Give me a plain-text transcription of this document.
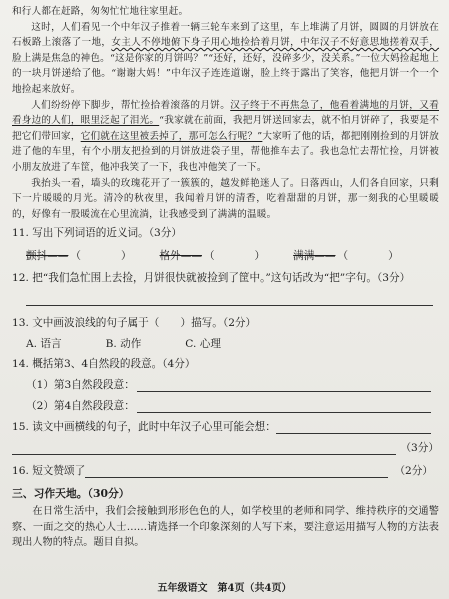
和行人都在赶路，匆匆忙忙地往家里赶。

这时，人们看见一个中年汉子推着一辆三轮车来到了这里，车上堆满了月饼，圆圆的月饼放在石板路上滚落了一地，女主人不停地俯下身子用心地捡拾着月饼，中年汉子不好意思地搓着双手，脸上满是焦急的神色。“这是你家的月饼吗？”“还好，还好，没碎多少，没关系。”一位大妈捡起地上的一块月饼递给了他。“谢谢大妈！”中年汉子连连道谢，脸上终于露出了笑容，他把月饼一个一个地捡起来放好。

人们纷纷停下脚步，帮忙捡拾着滚落的月饼。汉子终于不再焦急了，他看着满地的月饼，又看看身边的人们，眼里泛起了泪光。“我家就在前面，我把月饼送回家去，就不怕月饼碎了，我要是不把它们带回家，它们就在这里被丢掉了，那可怎么行呢？”大家听了他的话，都把刚刚捡到的月饼放进了他的车里，有个小朋友把捡到的月饼放进袋子里，帮他推车去了。我也急忙去帮忙捡，月饼被小朋友放进了车筐，他冲我笑了一下，我也冲他笑了一下。

我抬头一看，墙头的玫瑰花开了一簇簇的，越发鲜艳迷人了。日落西山，人们各自回家，只剩下一片暖暖的月光。清冷的秋夜里，我闻着月饼的清香，吃着甜甜的月饼，那一刻我的心里暖暖的，好像有一股暖流在心里流淌，让我感受到了满满的温暖。

11. 写出下列词语的近义词。（3分）

颤抖—— （	）	格外—— （	）	满满—— （	）

12. 把“我们急忙围上去捡，月饼很快就被捡到了筐中。”这句话改为“把”字句。（3分）

13. 文中画波浪线的句子属于（　　）描写。（2分）

A. 语言	B. 动作	C. 心理

14. 概括第3、4自然段的段意。（4分）

（1）第3自然段段意：
（2）第4自然段段意：
15. 读文中画横线的句子，此时中年汉子心里可能会想：
（3分）
16. 短文赞颂了	（2分）

三、习作天地。（30分）

在日常生活中，我们会接触到形形色色的人，如学校里的老师和同学、维持秩序的交通警察、一面之交的热心人士……请选择一个印象深刻的人写下来，要注意运用描写人物的方法表现出人物的特点。题目自拟。

五年级语文　第4页（共4页）
